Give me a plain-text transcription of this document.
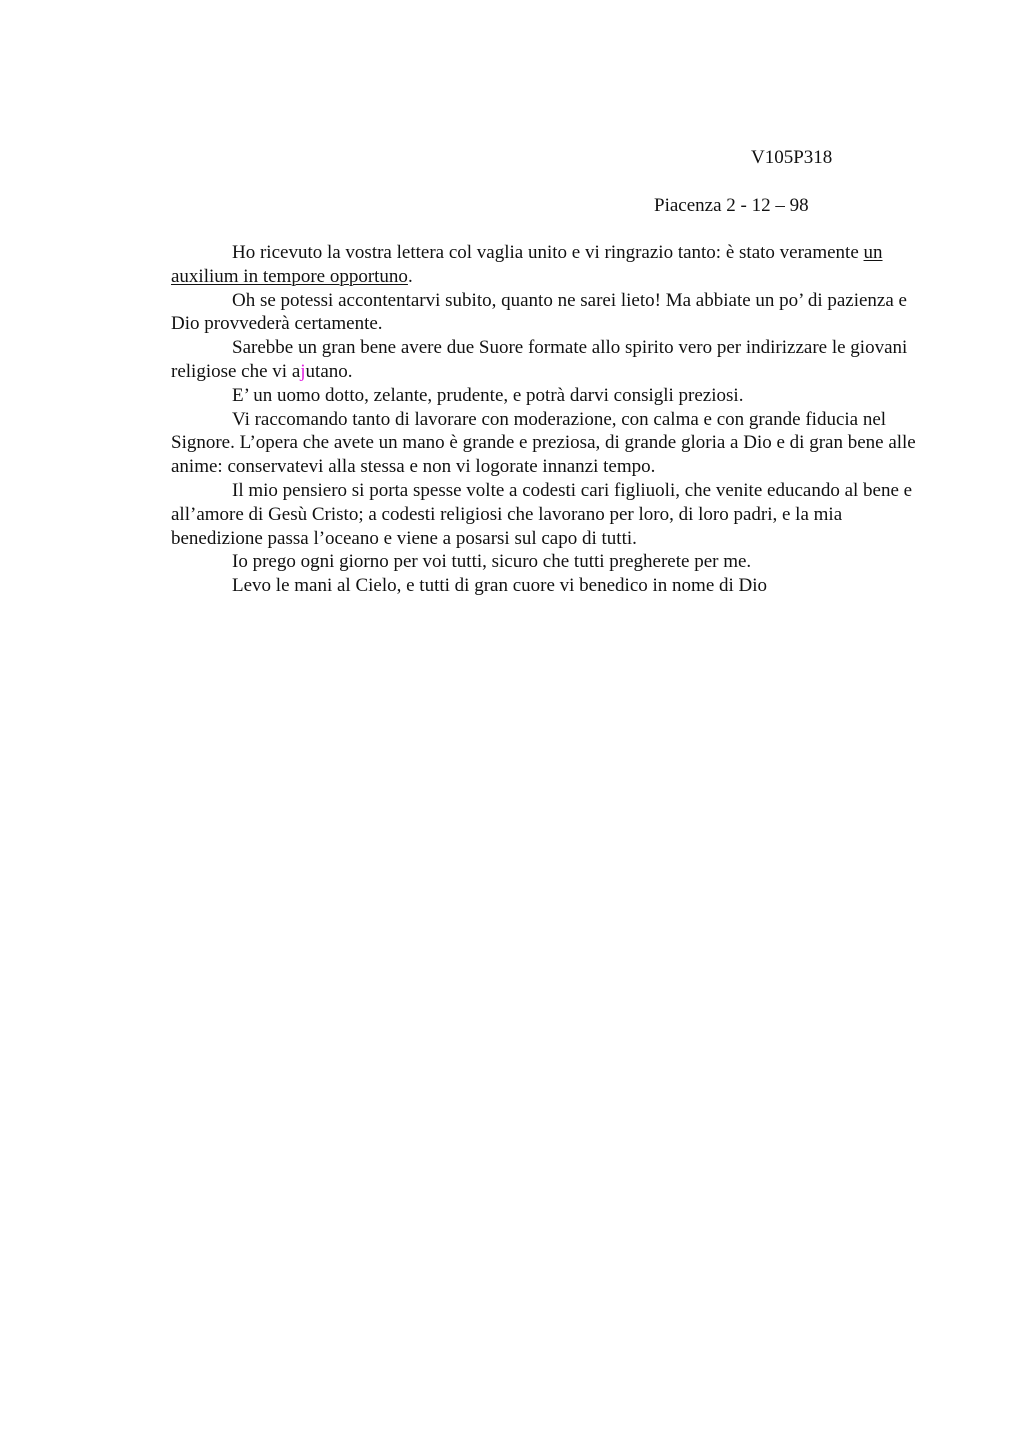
V105P318
Piacenza 2 - 12 – 98

Ho ricevuto la vostra lettera col vaglia unito e vi ringrazio tanto: è stato veramente un auxilium in tempore opportuno.

Oh se potessi accontentarvi subito, quanto ne sarei lieto! Ma abbiate un po’ di pazienza e Dio provvederà certamente.

Sarebbe un gran bene avere due Suore formate allo spirito vero per indirizzare le giovani religiose che vi ajutano.

E’ un uomo dotto, zelante, prudente, e potrà darvi consigli preziosi.

Vi raccomando tanto di lavorare con moderazione, con calma e con grande fiducia nel Signore. L’opera che avete un mano è grande e preziosa, di grande gloria a Dio e di gran bene alle anime: conservatevi alla stessa e non vi logorate innanzi tempo.

Il mio pensiero si porta spesse volte a codesti cari figliuoli, che venite educando al bene e all’amore di Gesù Cristo; a codesti religiosi che lavorano per loro, di loro padri, e la mia benedizione passa l’oceano e viene a posarsi sul capo di tutti.

Io prego ogni giorno per voi tutti, sicuro che tutti pregherete per me.

Levo le mani al Cielo, e tutti di gran cuore vi benedico in nome di Dio
